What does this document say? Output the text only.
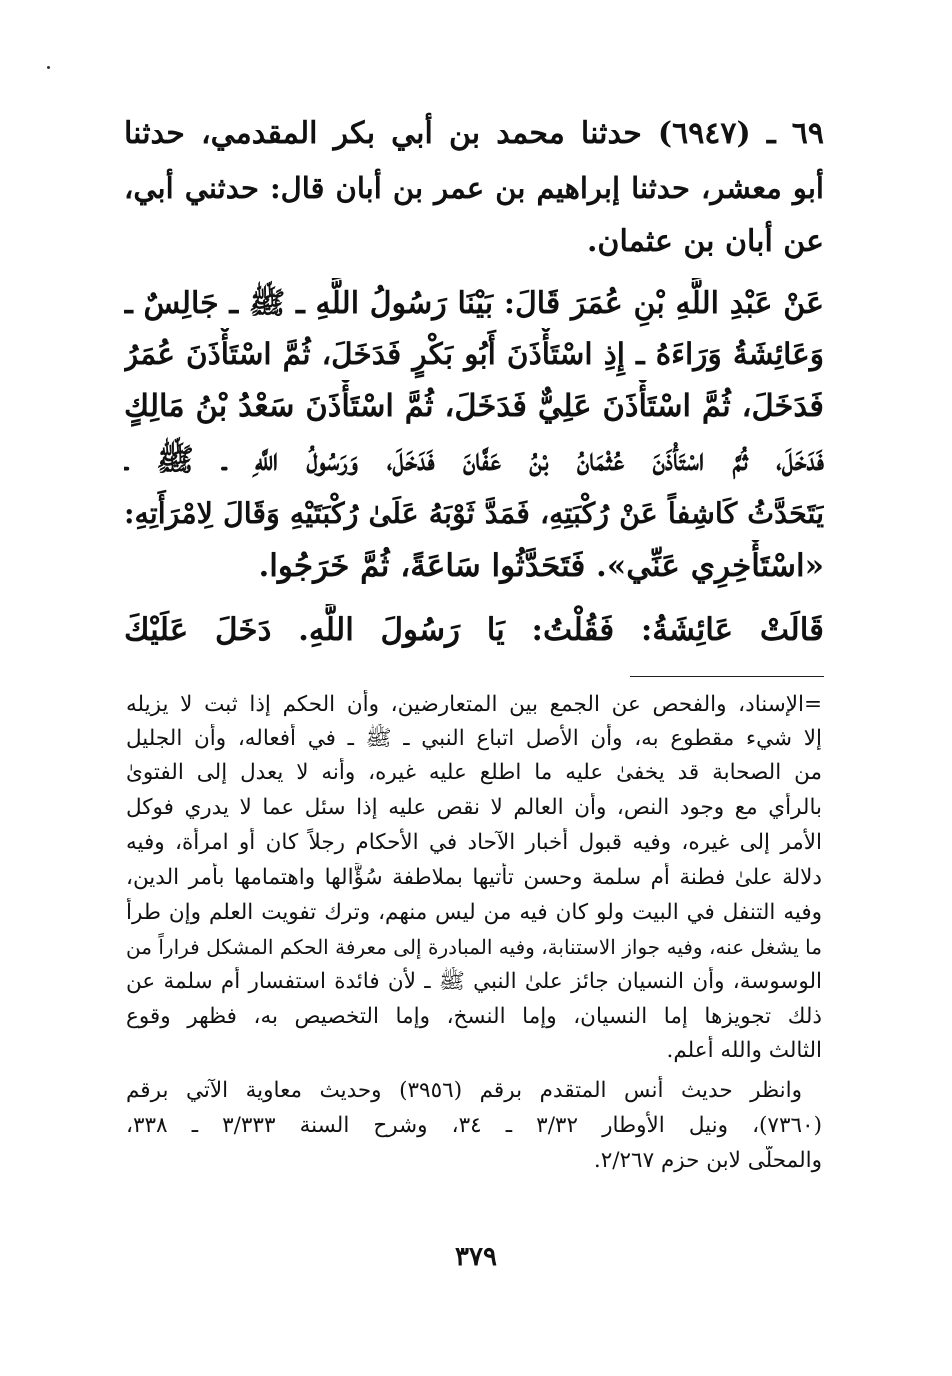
٦٩ ـ (٦٩٤٧) حدثنا محمد بن أبي بكر المقدمي، حدثنا
أبو معشر، حدثنا إبراهيم بن عمر بن أبان قال: حدثني أبي،
عن أبان بن عثمان.
عَنْ عَبْدِ اللَّهِ بْنِ عُمَرَ قَالَ: بَيْنَا رَسُولُ اللَّهِ ـ ﷺ ـ جَالِسٌ ـ
وَعَائِشَةُ وَرَاءَهُ ـ إِذِ اسْتَأْذَنَ أَبُو بَكْرٍ فَدَخَلَ، ثُمَّ اسْتَأْذَنَ عُمَرُ
فَدَخَلَ، ثُمَّ اسْتَأْذَنَ عَلِيٌّ فَدَخَلَ، ثُمَّ اسْتَأْذَنَ سَعْدُ بْنُ مَالِكٍ
فَدَخَلَ، ثُمَّ اسْتَأْذَنَ عُثْمَانُ بْنُ عَفَّانَ فَدَخَلَ، وَرَسُولُ اللَّهِ ـ ﷺ ـ
يَتَحَدَّثُ كَاشِفاً عَنْ رُكْبَتِهِ، فَمَدَّ ثَوْبَهُ عَلَىٰ رُكْبَتَيْهِ وَقَالَ لِامْرَأَتِهِ:
«اسْتَأْخِرِي عَنِّي». فَتَحَدَّثُوا سَاعَةً، ثُمَّ خَرَجُوا.
قَالَتْ عَائِشَةُ: فَقُلْتُ: يَا رَسُولَ اللَّهِ. دَخَلَ عَلَيْكَ
=الإسناد، والفحص عن الجمع بين المتعارضين، وأن الحكم إذا ثبت لا يزيله
إلا شيء مقطوع به، وأن الأصل اتباع النبي ـ ﷺ ـ في أفعاله، وأن الجليل
من الصحابة قد يخفىٰ عليه ما اطلع عليه غيره، وأنه لا يعدل إلى الفتوىٰ
بالرأي مع وجود النص، وأن العالم لا نقص عليه إذا سئل عما لا يدري فوكل
الأمر إلى غيره، وفيه قبول أخبار الآحاد في الأحكام رجلاً كان أو امرأة، وفيه
دلالة علىٰ فطنة أم سلمة وحسن تأتيها بملاطفة سُؤَّالها واهتمامها بأمر الدين،
وفيه التنفل في البيت ولو كان فيه من ليس منهم، وترك تفويت العلم وإن طرأ
ما يشغل عنه، وفيه جواز الاستنابة، وفيه المبادرة إلى معرفة الحكم المشكل فراراً من
الوسوسة، وأن النسيان جائز علىٰ النبي ﷺ ـ لأن فائدة استفسار أم سلمة عن
ذلك تجويزها إما النسيان، وإما النسخ، وإما التخصيص به، فظهر وقوع
الثالث والله أعلم.
وانظر حديث أنس المتقدم برقم (٣٩٥٦) وحديث معاوية الآتي برقم
(٧٣٦٠)، ونيل الأوطار ٣/٣٢ ـ ٣٤، وشرح السنة ٣/٣٣٣ ـ ٣٣٨،
والمحلّى لابن حزم ٢/٢٦٧.
٣٧٩
